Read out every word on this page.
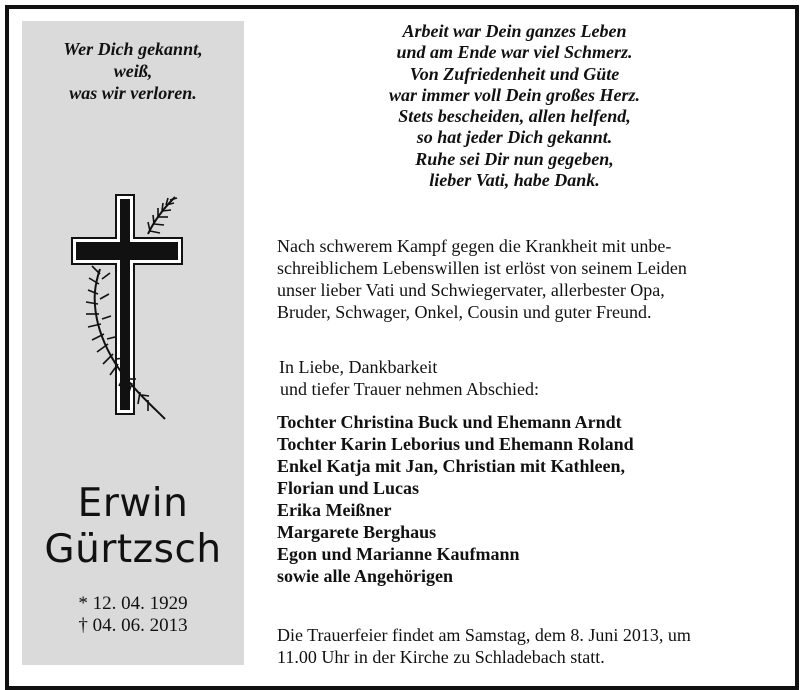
Wer Dich gekannt,
weiß,
was wir verloren.
Erwin
Gürtzsch
* 12. 04. 1929
† 04. 06. 2013
Arbeit war Dein ganzes Leben
und am Ende war viel Schmerz.
Von Zufriedenheit und Güte
war immer voll Dein großes Herz.
Stets bescheiden, allen helfend,
so hat jeder Dich gekannt.
Ruhe sei Dir nun gegeben,
lieber Vati, habe Dank.
Nach schwerem Kampf gegen die Krankheit mit unbe-
schreiblichem Lebenswillen ist erlöst von seinem Leiden
unser lieber Vati und Schwiegervater, allerbester Opa,
Bruder, Schwager, Onkel, Cousin und guter Freund.
In Liebe, Dankbarkeit
und tiefer Trauer nehmen Abschied:
Tochter Christina Buck und Ehemann Arndt
Tochter Karin Leborius und Ehemann Roland
Enkel Katja mit Jan, Christian mit Kathleen,
Florian und Lucas
Erika Meißner
Margarete Berghaus
Egon und Marianne Kaufmann
sowie alle Angehörigen
Die Trauerfeier findet am Samstag, dem 8. Juni 2013, um
11.00 Uhr in der Kirche zu Schladebach statt.
